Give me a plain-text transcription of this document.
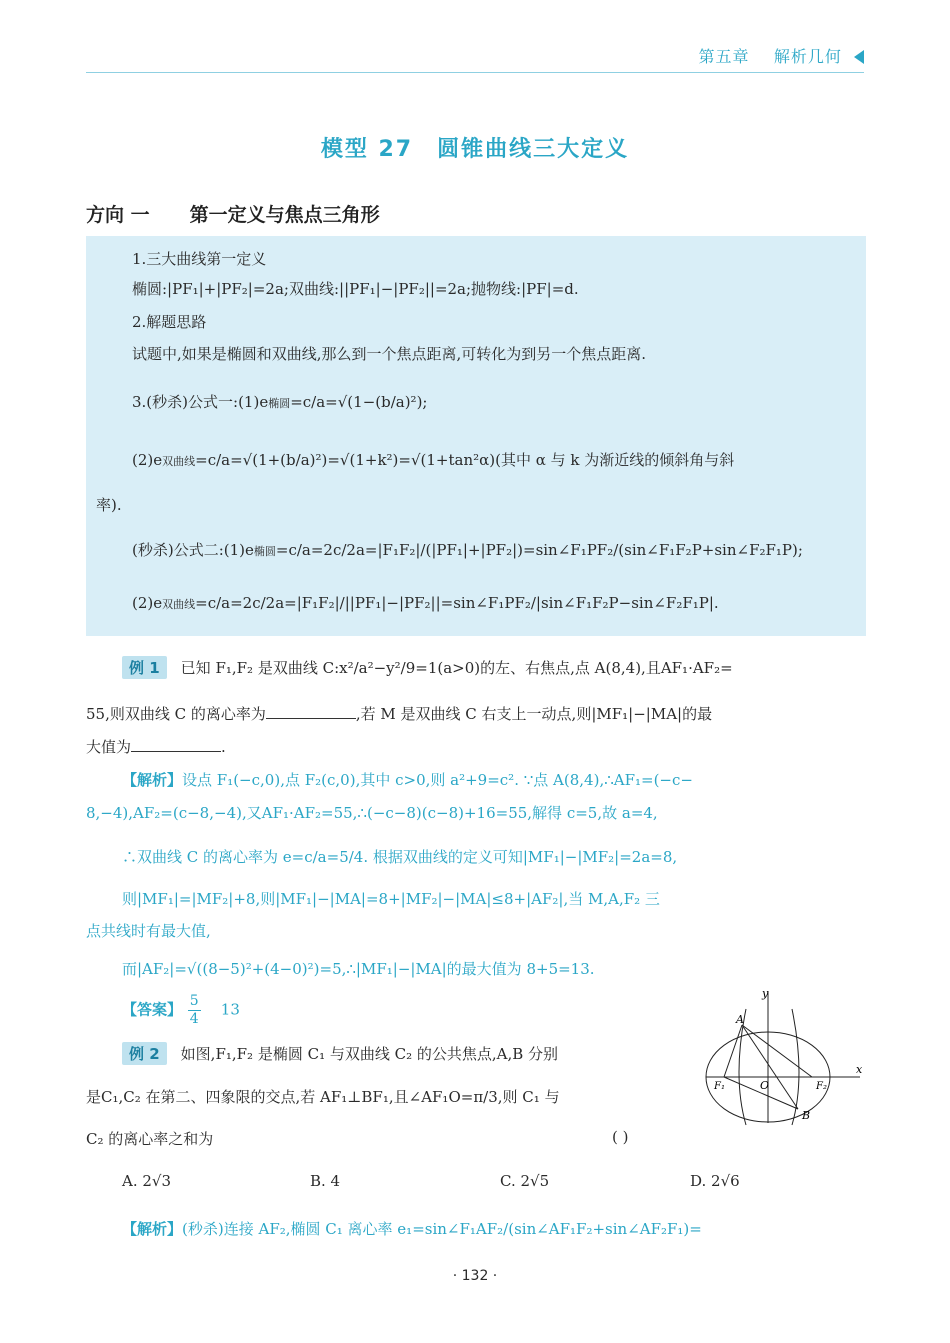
第五章 解析几何
模型 27 圆锥曲线三大定义
方向 一 第一定义与焦点三角形
1.三大曲线第一定义
椭圆:|PF₁|+|PF₂|=2a;双曲线:||PF₁|−|PF₂||=2a;抛物线:|PF|=d.
2.解题思路
试题中,如果是椭圆和双曲线,那么到一个焦点距离,可转化为到另一个焦点距离.
3.(秒杀)公式一:(1)e椭圆=c/a=√(1−(b/a)²);
(2)e双曲线=c/a=√(1+(b/a)²)=√(1+k²)=√(1+tan²α)(其中 α 与 k 为渐近线的倾斜角与斜
率).
(秒杀)公式二:(1)e椭圆=c/a=2c/2a=|F₁F₂|/(|PF₁|+|PF₂|)=sin∠F₁PF₂/(sin∠F₁F₂P+sin∠F₂F₁P);
(2)e双曲线=c/a=2c/2a=|F₁F₂|/||PF₁|−|PF₂||=sin∠F₁PF₂/|sin∠F₁F₂P−sin∠F₂F₁P|.
例 1 已知 F₁,F₂ 是双曲线 C:x²/a²−y²/9=1(a>0)的左、右焦点,点 A(8,4),且AF₁·AF₂=
55,则双曲线 C 的离心率为	,若 M 是双曲线 C 右支上一动点,则|MF₁|−|MA|的最
大值为	.
【解析】设点 F₁(−c,0),点 F₂(c,0),其中 c>0,则 a²+9=c². ∵点 A(8,4),∴AF₁=(−c−
8,−4),AF₂=(c−8,−4),又AF₁·AF₂=55,∴(−c−8)(c−8)+16=55,解得 c=5,故 a=4,
∴双曲线 C 的离心率为 e=c/a=5/4. 根据双曲线的定义可知|MF₁|−|MF₂|=2a=8,
则|MF₁|=|MF₂|+8,则|MF₁|−|MA|=8+|MF₂|−|MA|≤8+|AF₂|,当 M,A,F₂ 三
点共线时有最大值,
而|AF₂|=√((8−5)²+(4−0)²)=5,∴|MF₁|−|MA|的最大值为 8+5=13.
【答案】 $\frac{5}{4} 13$
例 2 如图,F₁,F₂ 是椭圆 C₁ 与双曲线 C₂ 的公共焦点,A,B 分别
是C₁,C₂ 在第二、四象限的交点,若 AF₁⊥BF₁,且∠AF₁O=π/3,则 C₁ 与
C₂ 的离心率之和为	( )
A. 2√3	B. 4	C. 2√5	D. 2√6
【解析】(秒杀)连接 AF₂,椭圆 C₁ 离心率 e₁=sin∠F₁AF₂/(sin∠AF₁F₂+sin∠AF₂F₁)=
y
x
A
B
O
F₁	F₂
· 132 ·
